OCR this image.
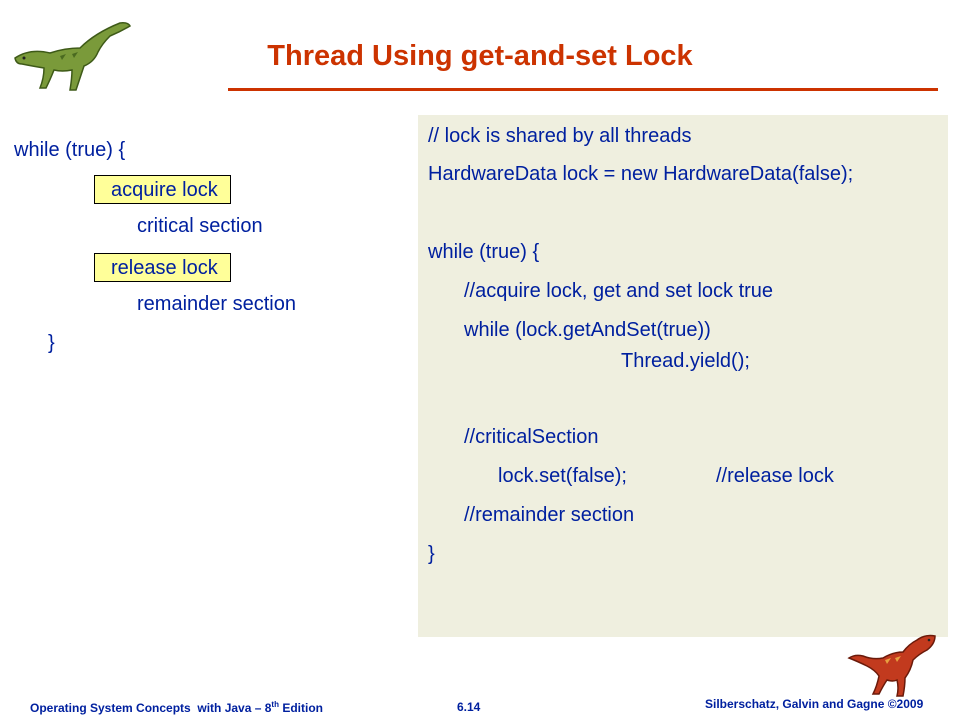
Thread Using get-and-set Lock
while (true) {
acquire lock
critical section
release lock
remainder section
}
// lock is shared by all threads
HardwareData lock = new HardwareData(false);
while (true) {
//acquire lock, get and set lock true
while (lock.getAndSet(true))
Thread.yield();
//criticalSection
lock.set(false);	//release lock
//remainder section
}
Operating System Concepts  with Java – 8th Edition	6.14	Silberschatz, Galvin and Gagne ©2009
